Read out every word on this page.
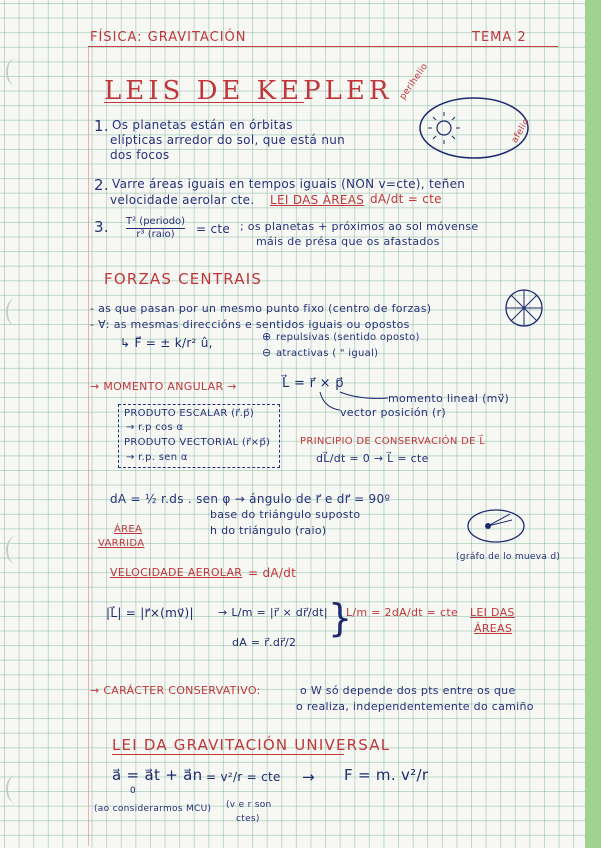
FÍSICA: GRAVITACIÓN	TEMA 2
LEIS DE KEPLER
1. Os planetas están en órbitas
elípticas arredor do sol, que está nun
dos focos
perihelio
afelio
2. Varre áreas iguais en tempos iguais (NON v=cte), teñen
velocidade aerolar cte. LEI DAS ÁREAS dA/dt = cte
3. T² (periodo)
r³ (raio) = cte ; os planetas + próximos ao sol móvense
máis de présa que os afastados
FORZAS CENTRAIS
- as que pasan por un mesmo punto fixo (centro de forzas)
- ∀: as mesmas direccións e sentidos iguais ou opostos
↳ F⃗ = ± k/r² û,	⊕
⊖
repulsivas (sentido oposto)
atractivas ( " igual)
→ MOMENTO ANGULAR →	L⃗ = r⃗ × p⃗
momento lineal (mv⃗)
vector posición (r)
PRODUTO ESCALAR (r⃗.p⃗)
→ r.p cos α
PRODUTO VECTORIAL (r⃗×p⃗)
→ r.p. sen α
PRINCIPIO DE CONSERVACIÓN DE L⃗
dL⃗/dt = 0 → L⃗ = cte
dA = ½ r.ds . sen φ → ángulo de r⃗ e dr⃗ = 90º
base do triángulo suposto
h do triángulo (raio)
ÁREA
VARRIDA
(gráfo de lo mueva d)
VELOCIDADE AEROLAR = dA/dt
|L⃗| = |r⃗×(mv⃗)| → L/m = |r⃗ × dr⃗/dt|
dA = r⃗.dr⃗/2
}
L/m = 2dA/dt = cte LEI DAS
ÁREAS
→ CARÁCTER CONSERVATIVO:	o W só depende dos pts entre os que
o realiza, independentemente do camiño
LEI DA GRAVITACIÓN UNIVERSAL
a⃗ = a⃗t + a⃗n
0
= v²/r = cte → F = m. v²/r
(ao considerarmos MCU) (v e r son
ctes)
